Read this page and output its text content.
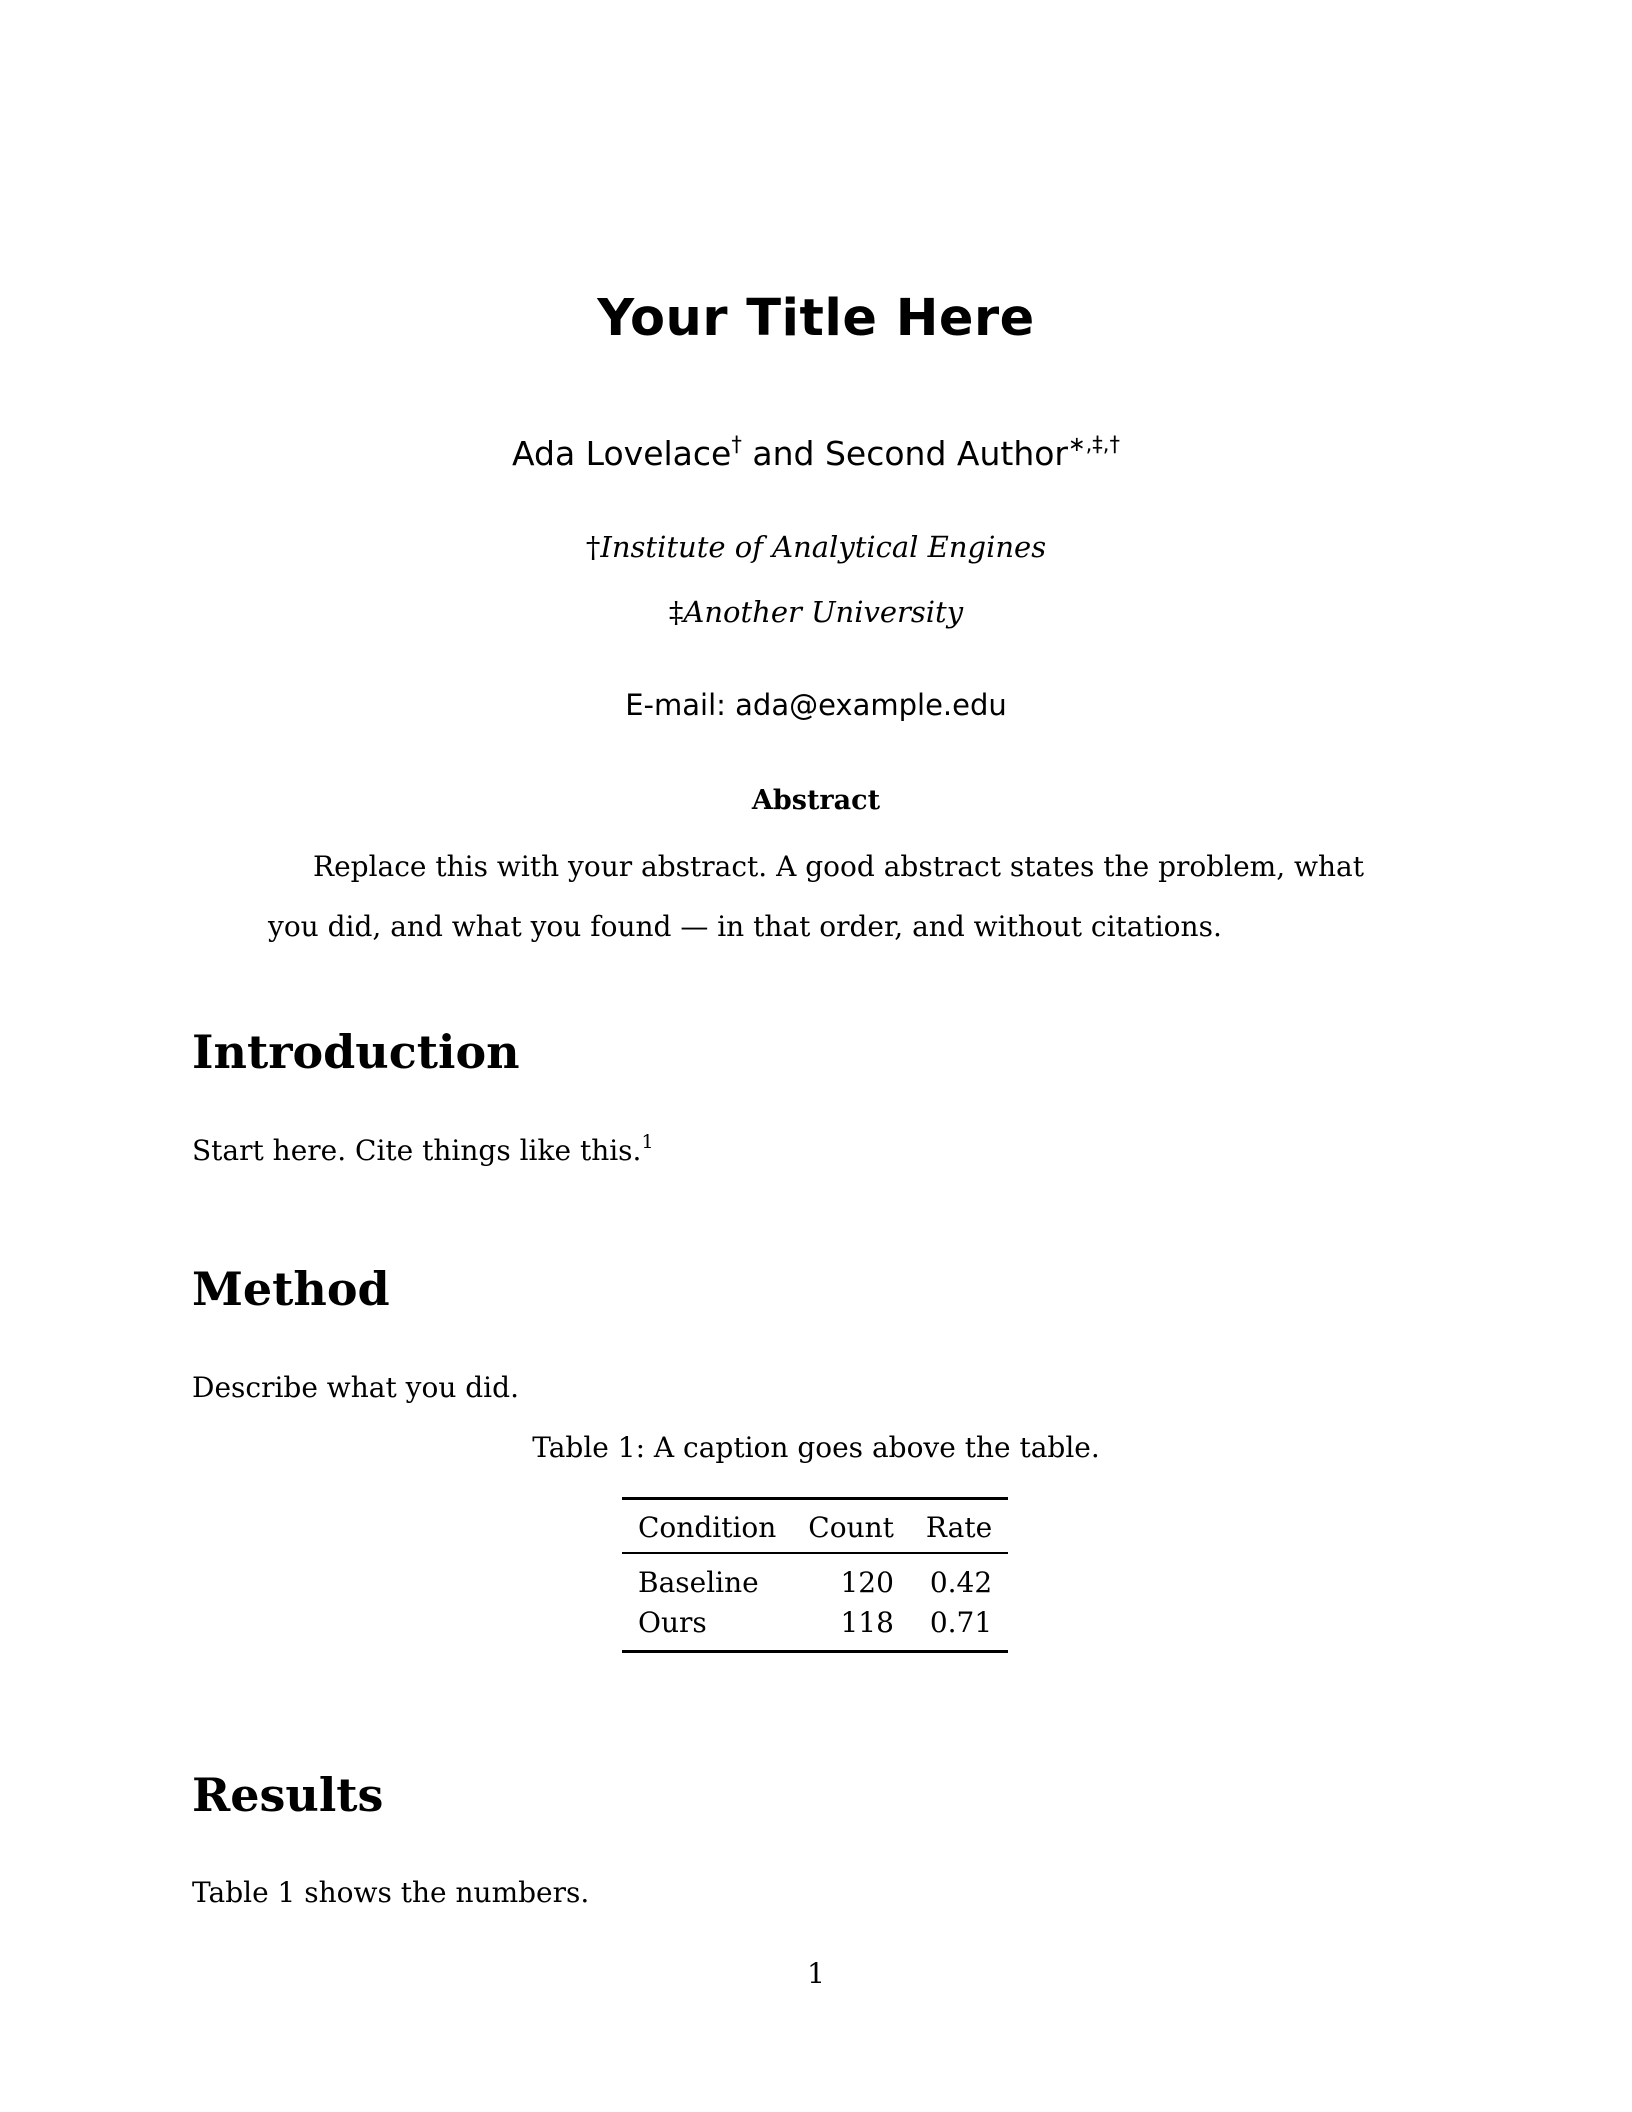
Your Title Here
Ada Lovelace† and Second Author∗,‡,†
†Institute of Analytical Engines
‡Another University
E-mail: ada@example.edu
Abstract
Replace this with your abstract. A good abstract states the problem, what you did, and what you found — in that order, and without citations.
Introduction
Start here. Cite things like this.$^1$
Method
Describe what you did.
Table 1: A caption goes above the table.
Condition	Count	Rate
Baseline	120	0.42
Ours	118	0.71
Results
Table 1 shows the numbers.
1
